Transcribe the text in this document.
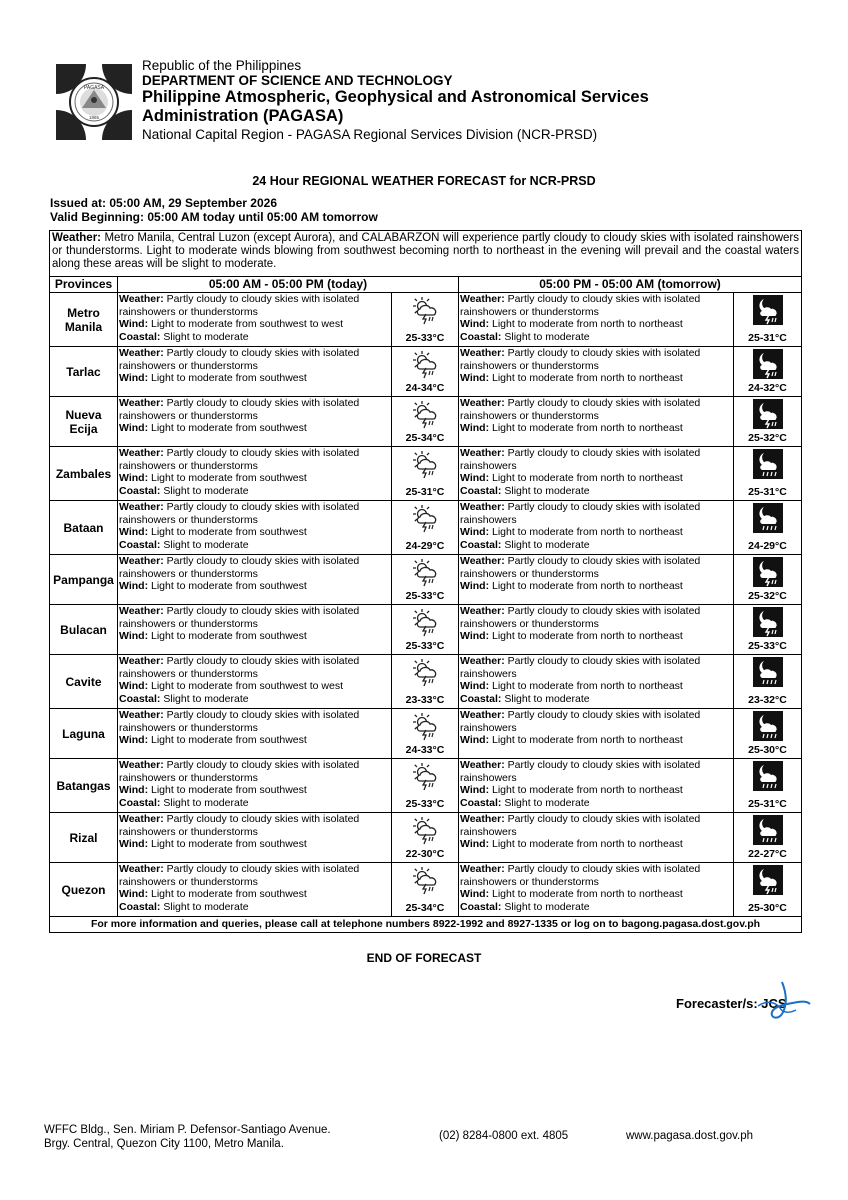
PAGASA
1865
Republic of the Philippines
DEPARTMENT OF SCIENCE AND TECHNOLOGY
Philippine Atmospheric, Geophysical and Astronomical Services
Administration (PAGASA)
National Capital Region - PAGASA Regional Services Division (NCR-PRSD)
24 Hour REGIONAL WEATHER FORECAST for NCR-PRSD
Issued at: 05:00 AM, 29 September 2026
Valid Beginning: 05:00 AM today until 05:00 AM tomorrow
Weather: Metro Manila, Central Luzon (except Aurora), and CALABARZON will experience partly cloudy to cloudy skies with isolated rainshowers or thunderstorms. Light to moderate winds blowing from southwest becoming north to northeast in the evening will prevail and the coastal waters along these areas will be slight to moderate.				
Provinces	05:00 AM - 05:00 PM (today)		05:00 PM - 05:00 AM (tomorrow)	
Metro Manila	Weather: Partly cloudy to cloudy skies with isolated rainshowers or thunderstorms
Wind: Light to moderate from southwest to west
Coastal: Slight to moderate	25-33°C	Weather: Partly cloudy to cloudy skies with isolated rainshowers or thunderstorms
Wind: Light to moderate from north to northeast
Coastal: Slight to moderate	25-31°C

Tarlac	Weather: Partly cloudy to cloudy skies with isolated rainshowers or thunderstorms
Wind: Light to moderate from southwest	24-34°C	Weather: Partly cloudy to cloudy skies with isolated rainshowers or thunderstorms
Wind: Light to moderate from north to northeast	24-32°C

Nueva Ecija	Weather: Partly cloudy to cloudy skies with isolated rainshowers or thunderstorms
Wind: Light to moderate from southwest	25-34°C	Weather: Partly cloudy to cloudy skies with isolated rainshowers or thunderstorms
Wind: Light to moderate from north to northeast	25-32°C

Zambales	Weather: Partly cloudy to cloudy skies with isolated rainshowers or thunderstorms
Wind: Light to moderate from southwest
Coastal: Slight to moderate	25-31°C	Weather: Partly cloudy to cloudy skies with isolated rainshowers
Wind: Light to moderate from north to northeast
Coastal: Slight to moderate	25-31°C

Bataan	Weather: Partly cloudy to cloudy skies with isolated rainshowers or thunderstorms
Wind: Light to moderate from southwest
Coastal: Slight to moderate	24-29°C	Weather: Partly cloudy to cloudy skies with isolated rainshowers
Wind: Light to moderate from north to northeast
Coastal: Slight to moderate	24-29°C

Pampanga	Weather: Partly cloudy to cloudy skies with isolated rainshowers or thunderstorms
Wind: Light to moderate from southwest	25-33°C	Weather: Partly cloudy to cloudy skies with isolated rainshowers or thunderstorms
Wind: Light to moderate from north to northeast	25-32°C

Bulacan	Weather: Partly cloudy to cloudy skies with isolated rainshowers or thunderstorms
Wind: Light to moderate from southwest	25-33°C	Weather: Partly cloudy to cloudy skies with isolated rainshowers or thunderstorms
Wind: Light to moderate from north to northeast	25-33°C

Cavite	Weather: Partly cloudy to cloudy skies with isolated rainshowers or thunderstorms
Wind: Light to moderate from southwest to west
Coastal: Slight to moderate	23-33°C	Weather: Partly cloudy to cloudy skies with isolated rainshowers
Wind: Light to moderate from north to northeast
Coastal: Slight to moderate	23-32°C

Laguna	Weather: Partly cloudy to cloudy skies with isolated rainshowers or thunderstorms
Wind: Light to moderate from southwest	24-33°C	Weather: Partly cloudy to cloudy skies with isolated rainshowers
Wind: Light to moderate from north to northeast	25-30°C

Batangas	Weather: Partly cloudy to cloudy skies with isolated rainshowers or thunderstorms
Wind: Light to moderate from southwest
Coastal: Slight to moderate	25-33°C	Weather: Partly cloudy to cloudy skies with isolated rainshowers
Wind: Light to moderate from north to northeast
Coastal: Slight to moderate	25-31°C

Rizal	Weather: Partly cloudy to cloudy skies with isolated rainshowers or thunderstorms
Wind: Light to moderate from southwest	22-30°C	Weather: Partly cloudy to cloudy skies with isolated rainshowers
Wind: Light to moderate from north to northeast	22-27°C

Quezon	Weather: Partly cloudy to cloudy skies with isolated rainshowers or thunderstorms
Wind: Light to moderate from southwest
Coastal: Slight to moderate	25-34°C	Weather: Partly cloudy to cloudy skies with isolated rainshowers or thunderstorms
Wind: Light to moderate from north to northeast
Coastal: Slight to moderate	25-30°C

For more information and queries, please call at telephone numbers 8922-1992 and 8927-1335 or log on to bagong.pagasa.dost.gov.ph				
END OF FORECAST
Forecaster/s: JCS
WFFC Bldg., Sen. Miriam P. Defensor-Santiago Avenue.
Brgy. Central, Quezon City 1100, Metro Manila.
(02) 8284-0800 ext. 4805	www.pagasa.dost.gov.ph
